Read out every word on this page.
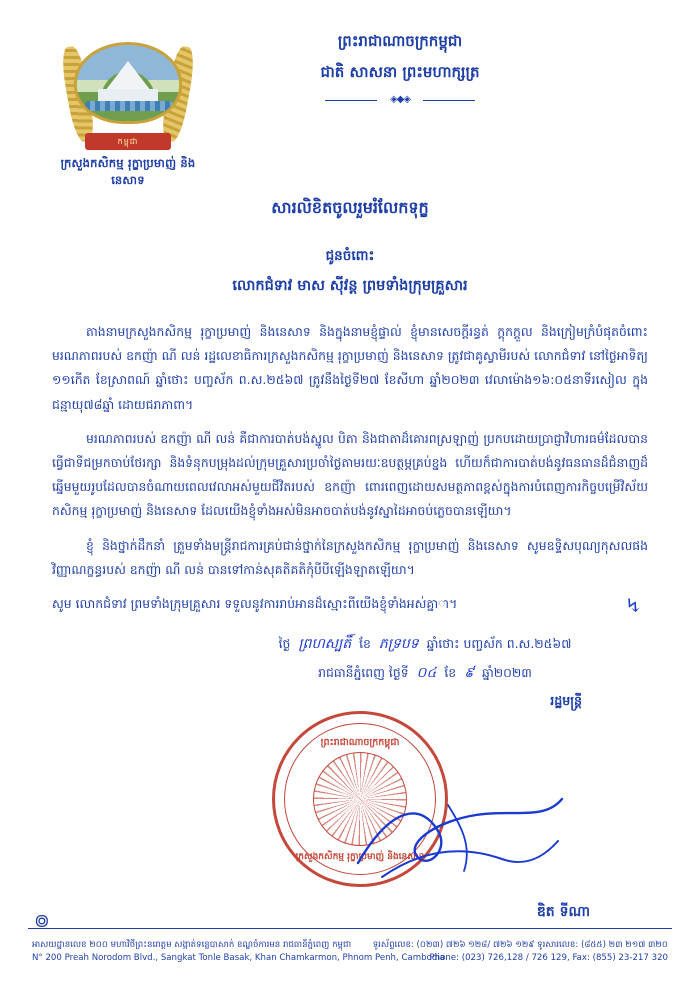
កម្ពុជា
ក្រសួងកសិកម្ម រុក្ខាប្រមាញ់ និងនេសាទ
ព្រះរាជាណាចក្រកម្ពុជា
ជាតិ សាសនា ព្រះមហាក្សត្រ
◈◆◈
សារលិខិតចូលរួមរំលែកទុក្ខ
ជូនចំពោះ
លោកជំទាវ មាស ស៊ីវន្ត ព្រមទាំងក្រុមគ្រួសារ

តាងនាមក្រសួងកសិកម្ម រុក្ខាប្រមាញ់ និងនេសាទ និងក្នុងនាមខ្ញុំផ្ទាល់ ខ្ញុំមានសេចក្តីរន្ធត់ ក្តុកក្តួល និងក្រៀមក្រំបំផុតចំពោះ មរណភាពរបស់ ឧកញ៉ា ណី លន់ រដ្ឋលេខាធិការក្រសួងកសិកម្ម រុក្ខាប្រមាញ់ និងនេសាទ ត្រូវជាគូស្វាមីរបស់ លោកជំទាវ នៅថ្ងៃអាទិត្យ ១១កើត ខែស្រាពណ៍ ឆ្នាំថោះ បញ្ចស័ក ព.ស.២៥៦៧ ត្រូវនឹងថ្ងៃទី២៧ ខែសីហា ឆ្នាំ២០២៣ វេលាម៉ោង១៦:០៥នាទីរសៀល ក្នុងជន្មាយុ៧៨ឆ្នាំ ដោយជរាភាពា។

មរណភាពរបស់ ឧកញ៉ា ណី លន់ គឺជាការបាត់បង់ស្នូល បិតា និងជាតាដ៏គោរពស្រឡាញ់ ប្រកបដោយប្រាជ្ញាវិហារធម៌ដែលបានធ្វើជាទីជម្រកចាប់ថែរក្សា និងទំនុកបម្រុងដល់ក្រុមគ្រួសារប្រចាំថ្ងៃតាមរយៈឧបត្ថម្ភគ្រប់ខ្នង ហើយក៏ជាការបាត់បង់នូវធនធានដ៏ជំនាញដ៏ឆ្នើមមួយរូបដែលបានចំណាយពេលវេលាអស់មួយជីវិតរបស់ ឧកញ៉ា ពោរពេញដោយសមត្ថភាពខ្ពស់ក្នុងការបំពេញការកិច្ចបម្រើវិស័យកសិកម្ម រុក្ខាប្រមាញ់ និងនេសាទ ដែលយើងខ្ញុំទាំងអស់មិនអាចបាត់បង់នូវស្នាដៃអាចប់ភ្លេចបានឡើយា។

ខ្ញុំ និងថ្នាក់ដឹកនាំ ត្រួមទាំងមន្ត្រីរាជការគ្រប់ជាន់ថ្នាក់នៃក្រសួងកសិកម្ម រុក្ខាប្រមាញ់ និងនេសាទ សូមឧទ្ទិសបុណ្យកុសលផងវិញ្ញាណក្ខន្ធរបស់ ឧកញ៉ា ណី លន់ បានទៅកាន់សុគតិគតិកុំបីបីឡើងឡាតឡើយា។

សូម លោកជំទាវ ព្រមទាំងក្រុមគ្រួសារ ទទួលនូវការរាប់អានដ៏ស្មោះពីយើងខ្ញុំទាំងអស់គ្នាា។	↯
ថ្ងៃ ព្រហស្បតិ៍ ខែ ភទ្របទ ឆ្នាំថោះ បញ្ចស័ក ព.ស.២៥៦៧
រាជធានីភ្នំពេញ ថ្ងៃទី ០៤ ខែ ៩ ឆ្នាំ២០២៣
រដ្ឋមន្ត្រី
ព្រះរាជាណាចក្រកម្ពុជា
ក្រសួងកសិកម្ម រុក្ខាប្រមាញ់ និងនេសាទ
ឌិត ទីណា
៙
អាសយដ្ឋានលេខ ២០០ មហាវិថីព្រះនរោត្តម សង្កាត់ទន្លេបាសាក់ ខណ្ឌចំការមន រាជធានីភ្នំពេញ កម្ពុជា
N° 200 Preah Norodom Blvd., Sangkat Tonle Basak, Khan Chamkarmon, Phnom Penh, Cambodia
ទូរស័ព្ទលេខ: (០២៣) ៧២៦ ១២៨/ ៧២៦ ១២៩ ទូរសារលេខ: (៨៥៥) ២៣ ២១៧ ៣២០
Phone: (023) 726,128 / 726 129, Fax: (855) 23-217 320
